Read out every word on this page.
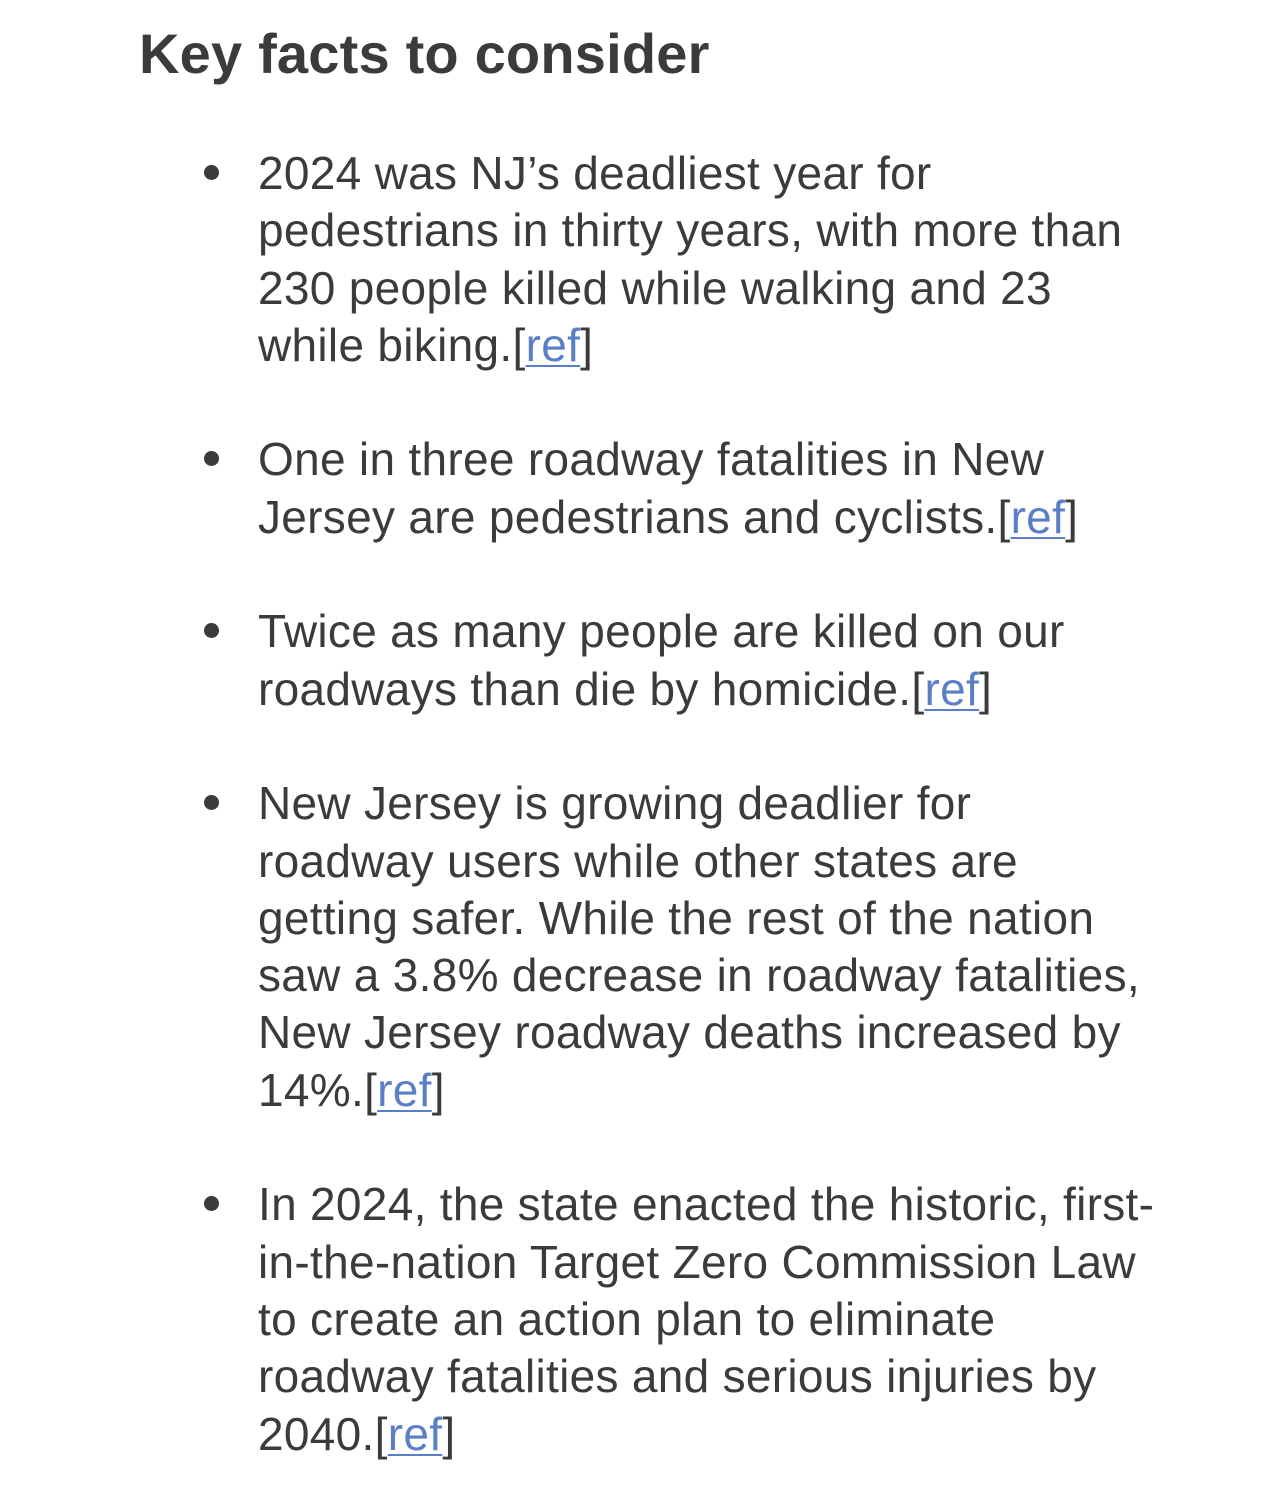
Key facts to consider
2024 was NJ’s deadliest year for pedestrians in thirty years, with more than 230 people killed while walking and 23 while biking.[ref]
One in three roadway fatalities in New Jersey are pedestrians and cyclists.[ref]
Twice as many people are killed on our roadways than die by homicide.[ref]
New Jersey is growing deadlier for roadway users while other states are getting safer. While the rest of the nation saw a 3.8% decrease in roadway fatalities, New Jersey roadway deaths increased by 14%.[ref]
In 2024, the state enacted the historic, first-in-the-nation Target Zero Commission Law to create an action plan to eliminate roadway fatalities and serious injuries by 2040.[ref]
